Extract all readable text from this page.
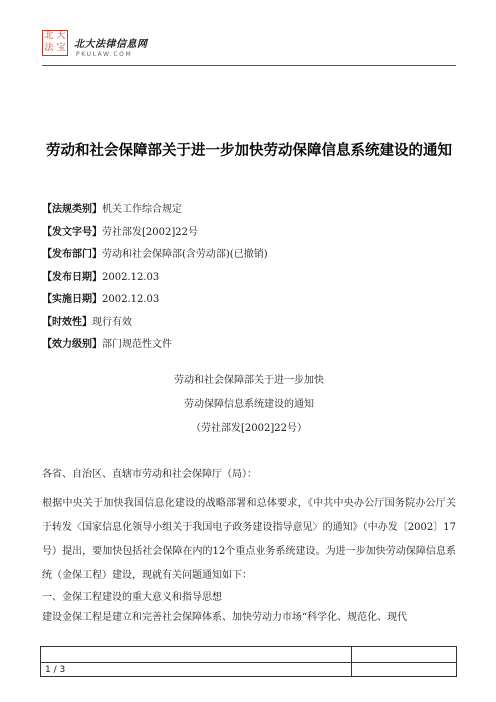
北 大
法 宝 北大法律信息网
PKULAW.COM
劳动和社会保障部关于进一步加快劳动保障信息系统建设的通知
【法规类别】机关工作综合规定
【发文字号】劳社部发[2002]22号
【发布部门】劳动和社会保障部(含劳动部)(已撤销)
【发布日期】2002.12.03
【实施日期】2002.12.03
【时效性】现行有效
【效力级别】部门规范性文件
劳动和社会保障部关于进一步加快
劳动保障信息系统建设的通知
（劳社部发[2002]22号）
各省、自治区、直辖市劳动和社会保障厅（局）：
根据中央关于加快我国信息化建设的战略部署和总体要求，《中共中央办公厅国务院办公厅关于转发〈国家信息化领导小组关于我国电子政务建设指导意见〉的通知》（中办发〔2002〕17号）提出，要加快包括社会保障在内的12个重点业务系统建设。为进一步加快劳动保障信息系统（金保工程）建设，现就有关问题通知如下：
一、金保工程建设的重大意义和指导思想
建设金保工程是建立和完善社会保障体系、加快劳动力市场“科学化、规范化、现代
1 / 3
